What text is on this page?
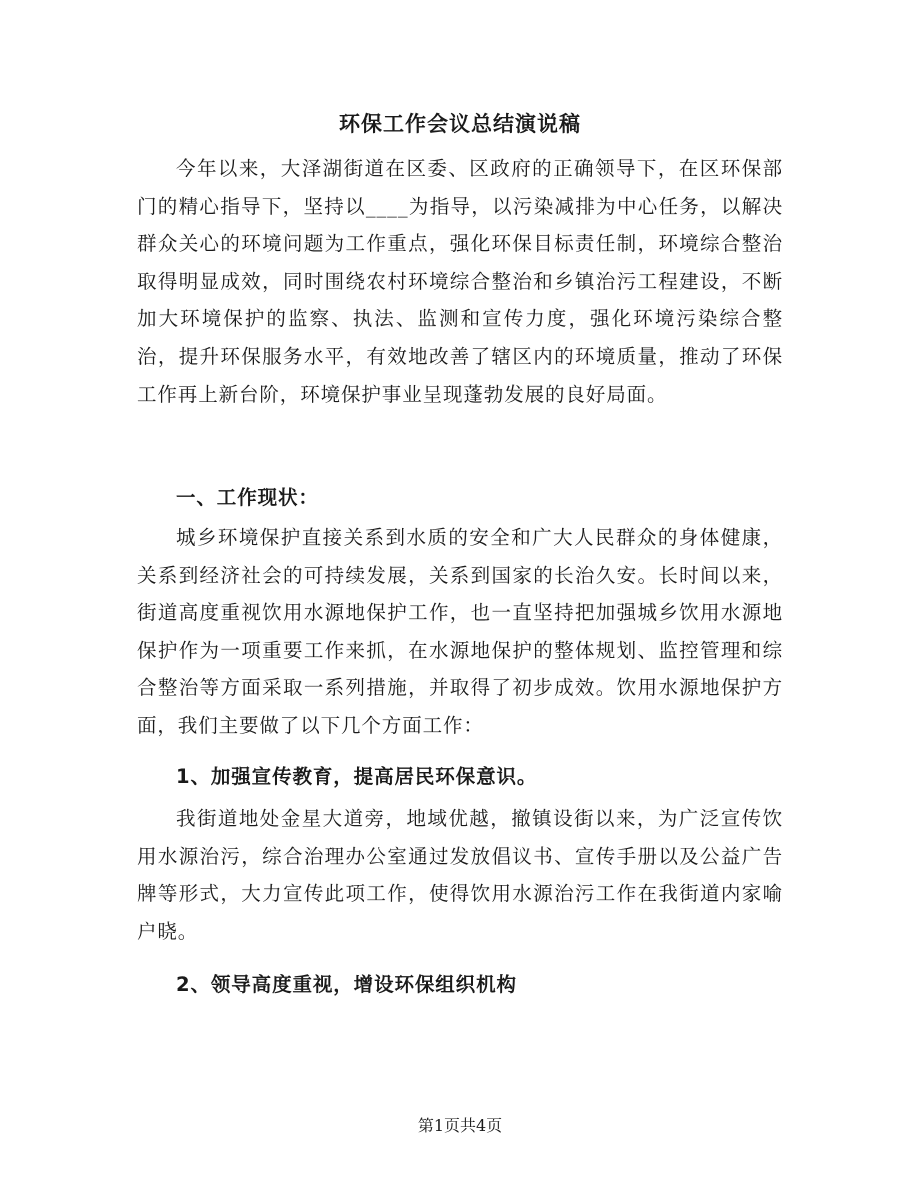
环保工作会议总结演说稿

今年以来，大泽湖街道在区委、区政府的正确领导下，在区环保部门的精心指导下，坚持以____为指导，以污染减排为中心任务，以解决群众关心的环境问题为工作重点，强化环保目标责任制，环境综合整治取得明显成效，同时围绕农村环境综合整治和乡镇治污工程建设，不断加大环境保护的监察、执法、监测和宣传力度，强化环境污染综合整治，提升环保服务水平，有效地改善了辖区内的环境质量，推动了环保工作再上新台阶，环境保护事业呈现蓬勃发展的良好局面。

一、工作现状：

城乡环境保护直接关系到水质的安全和广大人民群众的身体健康，关系到经济社会的可持续发展，关系到国家的长治久安。长时间以来，街道高度重视饮用水源地保护工作，也一直坚持把加强城乡饮用水源地保护作为一项重要工作来抓，在水源地保护的整体规划、监控管理和综合整治等方面采取一系列措施，并取得了初步成效。饮用水源地保护方面，我们主要做了以下几个方面工作：

1、加强宣传教育，提高居民环保意识。

我街道地处金星大道旁，地域优越，撤镇设街以来，为广泛宣传饮用水源治污，综合治理办公室通过发放倡议书、宣传手册以及公益广告牌等形式，大力宣传此项工作，使得饮用水源治污工作在我街道内家喻户晓。

2、领导高度重视，增设环保组织机构

第1页共4页
